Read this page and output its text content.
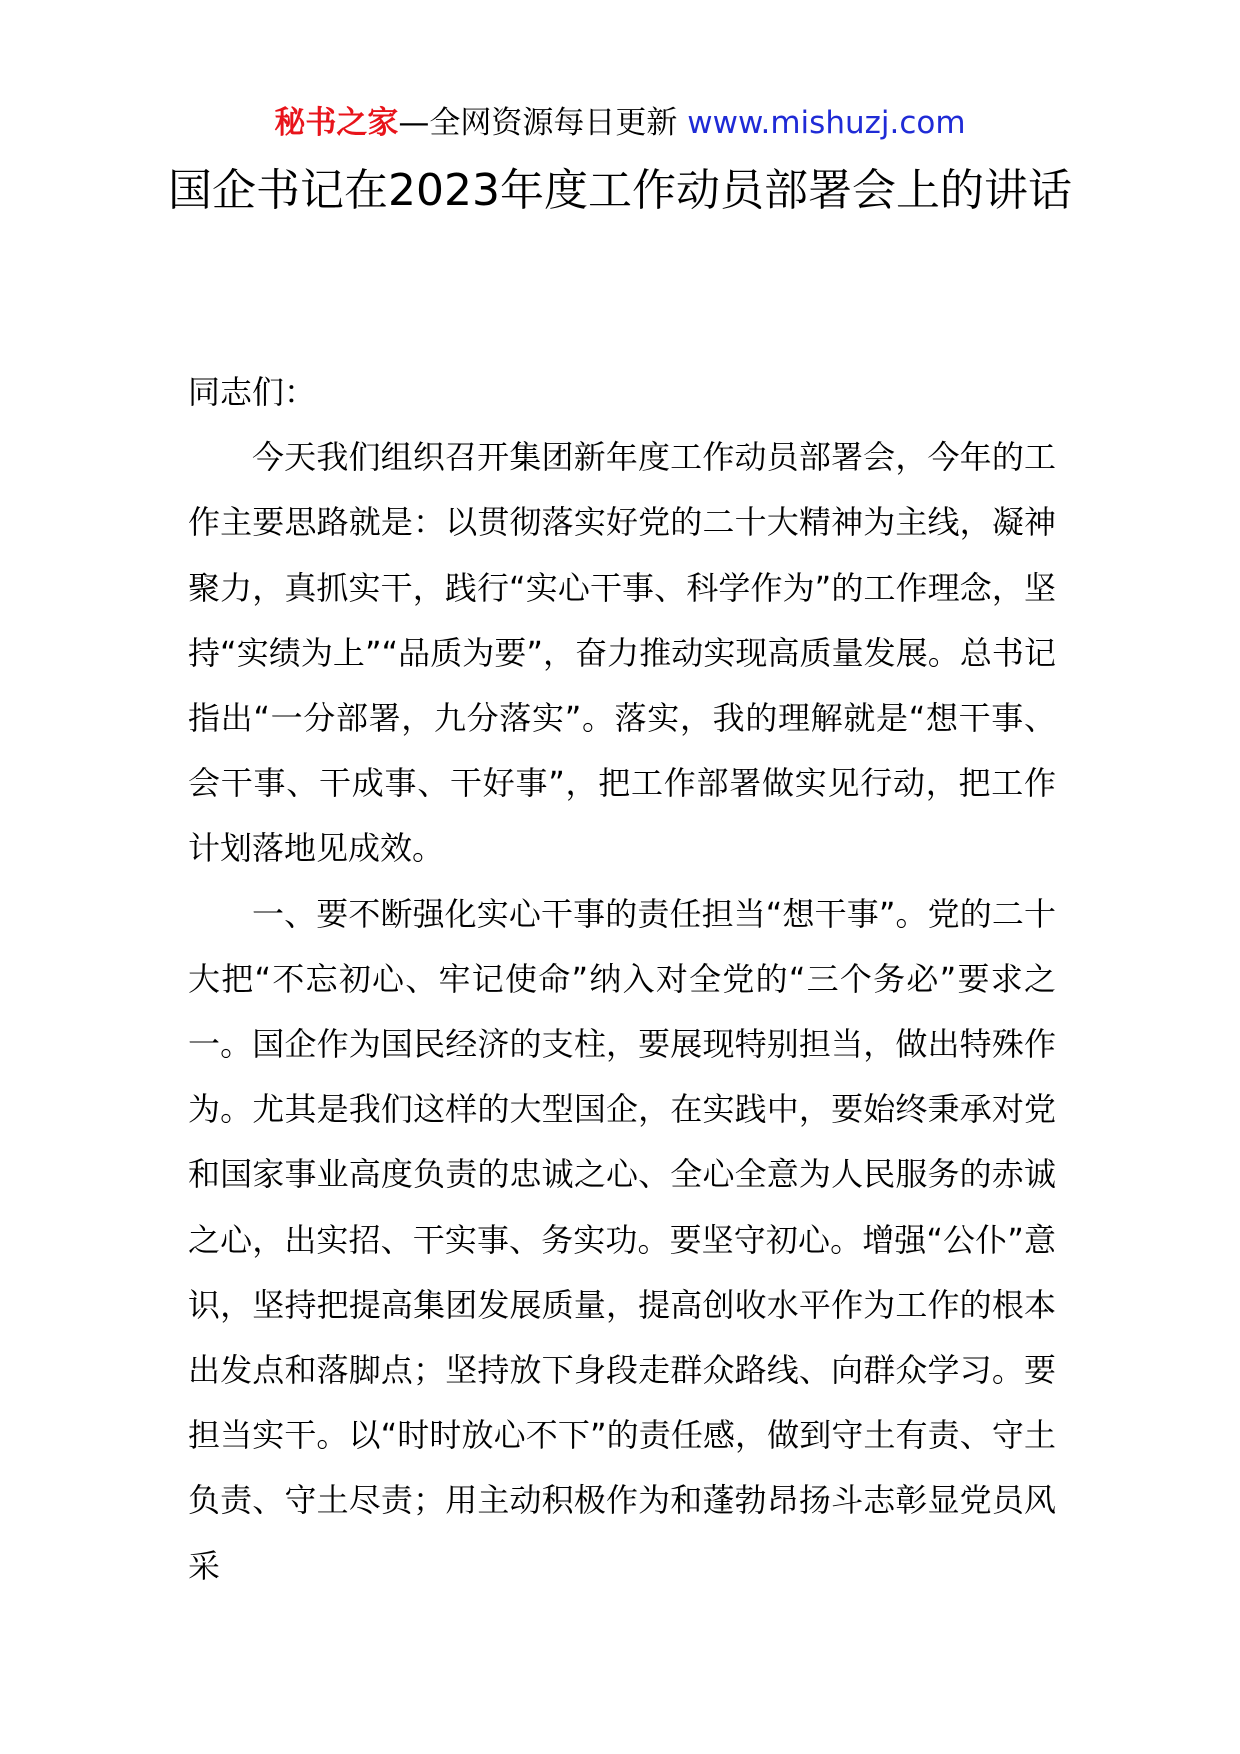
秘书之家—全网资源每日更新 www.mishuzj.com
国企书记在2023年度工作动员部署会上的讲话

同志们：

今天我们组织召开集团新年度工作动员部署会，今年的工作主要思路就是：以贯彻落实好党的二十大精神为主线，凝神聚力，真抓实干，践行“实心干事、科学作为”的工作理念，坚持“实绩为上”“品质为要”，奋力推动实现高质量发展。总书记指出“一分部署，九分落实”。落实，我的理解就是“想干事、会干事、干成事、干好事”，把工作部署做实见行动，把工作计划落地见成效。

一、要不断强化实心干事的责任担当“想干事”。党的二十大把“不忘初心、牢记使命”纳入对全党的“三个务必”要求之一。国企作为国民经济的支柱，要展现特别担当，做出特殊作为。尤其是我们这样的大型国企，在实践中，要始终秉承对党和国家事业高度负责的忠诚之心、全心全意为人民服务的赤诚之心，出实招、干实事、务实功。要坚守初心。增强“公仆”意识，坚持把提高集团发展质量，提高创收水平作为工作的根本出发点和落脚点；坚持放下身段走群众路线、向群众学习。要担当实干。以“时时放心不下”的责任感，做到守土有责、守土负责、守土尽责；用主动积极作为和蓬勃昂扬斗志彰显党员风采
